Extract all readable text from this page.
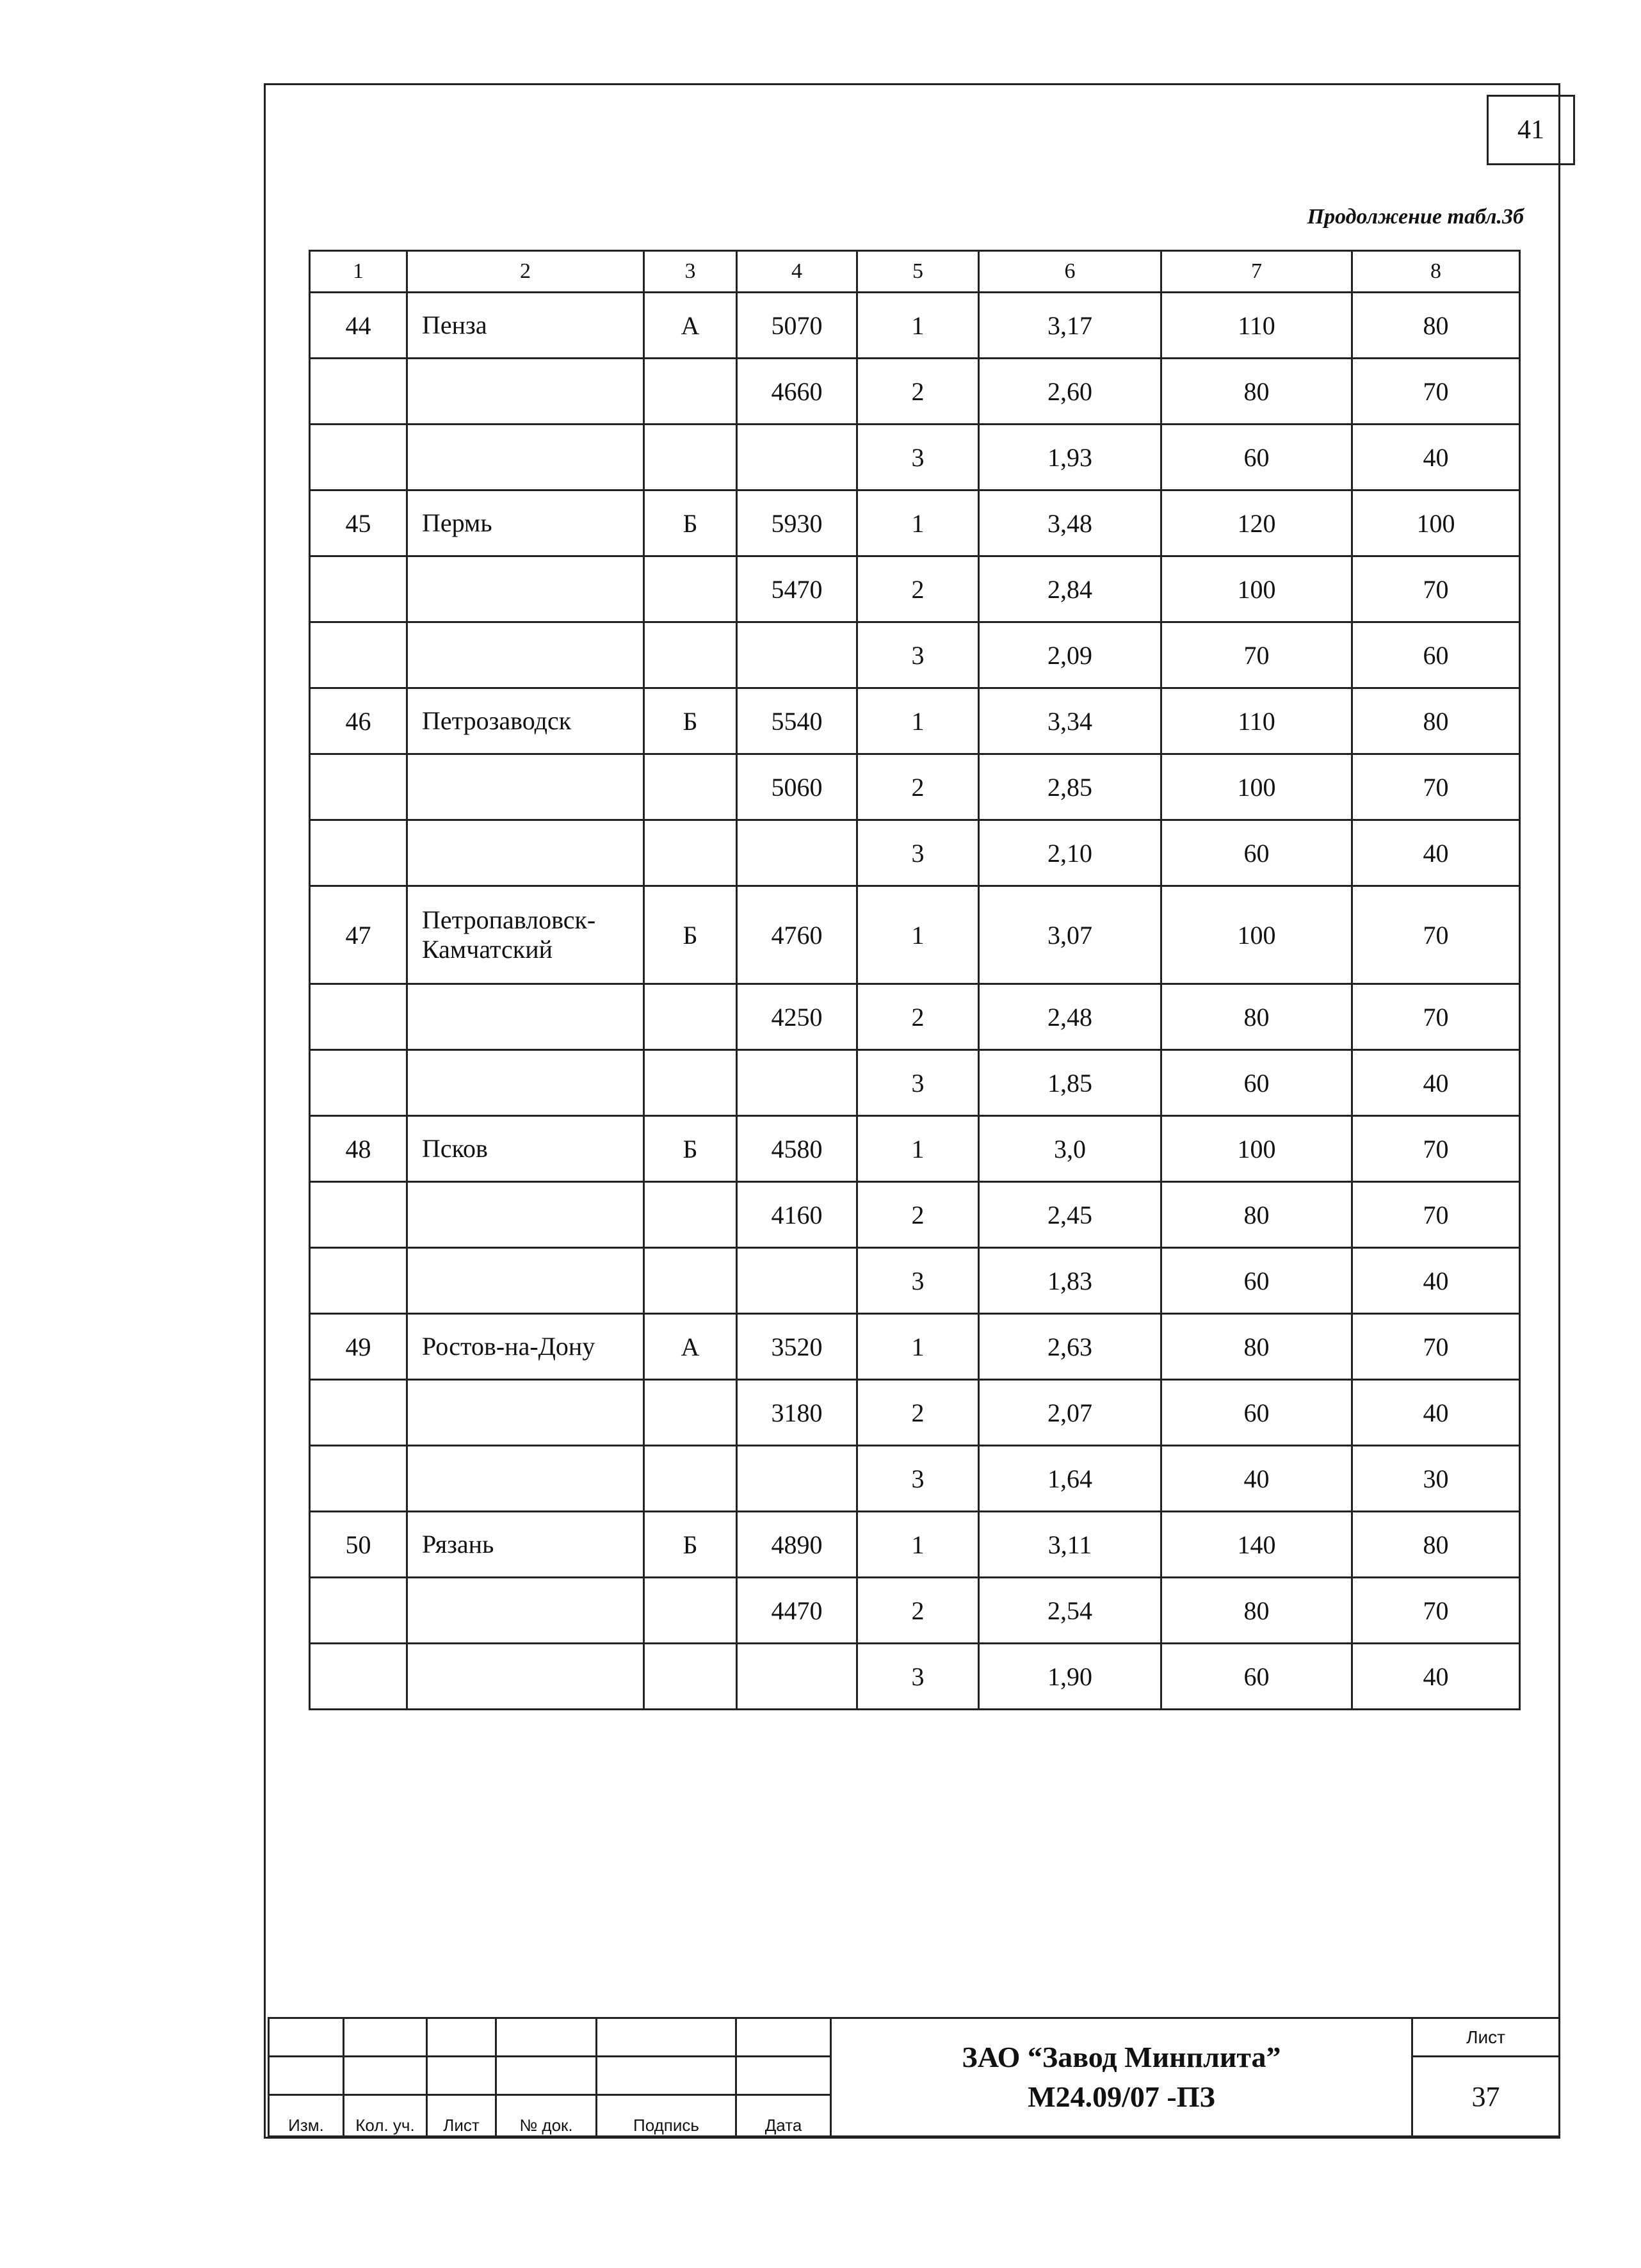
41
Продолжение табл.3б
1	2	3	4	5	6	7	8
44	Пенза	А	5070	1	3,17	110	80
			4660	2	2,60	80	70
				3	1,93	60	40
45	Пермь	Б	5930	1	3,48	120	100
			5470	2	2,84	100	70
				3	2,09	70	60
46	Петрозаводск	Б	5540	1	3,34	110	80
			5060	2	2,85	100	70
				3	2,10	60	40
47	Петропавловск-Камчатский	Б	4760	1	3,07	100	70
			4250	2	2,48	80	70
				3	1,85	60	40
48	Псков	Б	4580	1	3,0	100	70
			4160	2	2,45	80	70
				3	1,83	60	40
49	Ростов-на-Дону	А	3520	1	2,63	80	70
			3180	2	2,07	60	40
				3	1,64	40	30
50	Рязань	Б	4890	1	3,11	140	80
			4470	2	2,54	80	70
				3	1,90	60	40

						ЗАО “Завод Минплита”
М24.09/07 -ПЗ	Лист
							37
Изм.	Кол. уч.	Лист	№ док.	Подпись	Дата		
